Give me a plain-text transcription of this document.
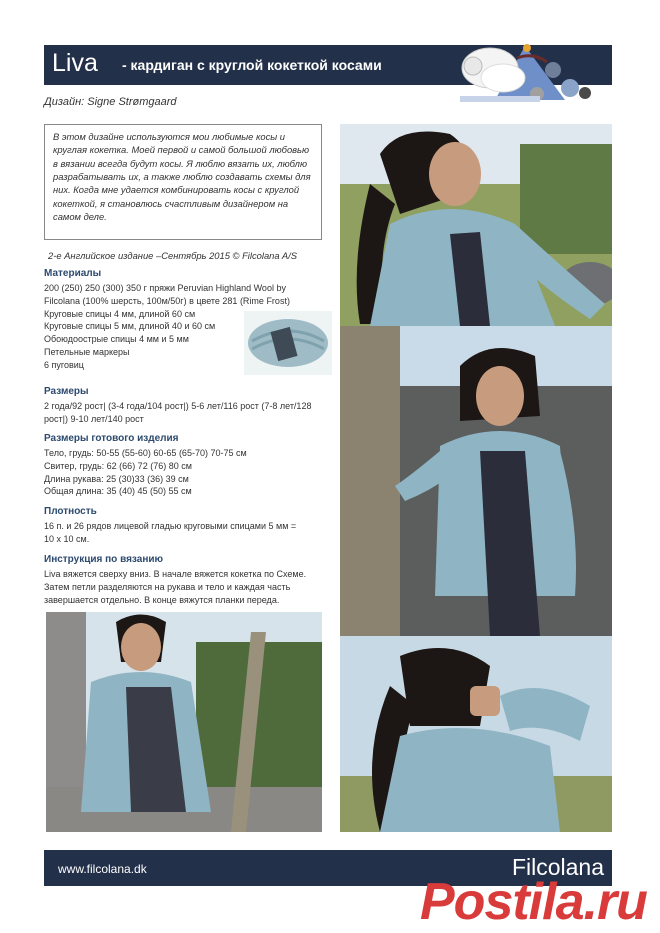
Liva - кардиган с круглой кокеткой косами
Дизайн: Signe Strømgaard
В этом дизайне используются мои любимые косы и круглая кокетка. Моей первой и самой большой любовью в вязании всегда будут косы. Я люблю вязать их, люблю разрабатывать их, а также люблю создавать схемы для них. Когда мне удается комбинировать косы с круглой кокеткой, я становлюсь счастливым дизайнером на самом деле.
2-е Английское издание –Сентябрь 2015 © Filcolana A/S
Материалы
200 (250) 250 (300) 350 г пряжи Peruvian Highland Wool by
Filcolana (100% шерсть, 100м/50г) в цвете 281 (Rime Frost)
Круговые спицы 4 мм, длиной 60 см
Круговые спицы 5 мм, длиной 40 и 60 см
Обоюдоострые спицы 4 мм и 5 мм
Петельные маркеры
6 пуговиц
Размеры
2 года/92 рост| (3-4 года/104 рост|) 5-6 лет/116 рост (7-8 лет/128
рост|) 9-10 лет/140 рост
Размеры готового изделия
Тело, грудь: 50-55 (55-60) 60-65 (65-70) 70-75 см
Свитер, грудь: 62 (66) 72 (76) 80 см
Длина рукава: 25 (30)33 (36) 39 см
Общая длина: 35 (40) 45 (50) 55 см
Плотность
16 п. и 26 рядов лицевой гладью круговыми спицами 5 мм =
10 x 10 см.
Инструкция по вязанию
Liva вяжется сверху вниз. В начале вяжется кокетка по Схеме.
Затем петли разделяются на рукава и тело и каждая часть
завершается отдельно. В конце вяжутся планки переда.
www.filcolana.dk	Filcolana
Postila.ru
